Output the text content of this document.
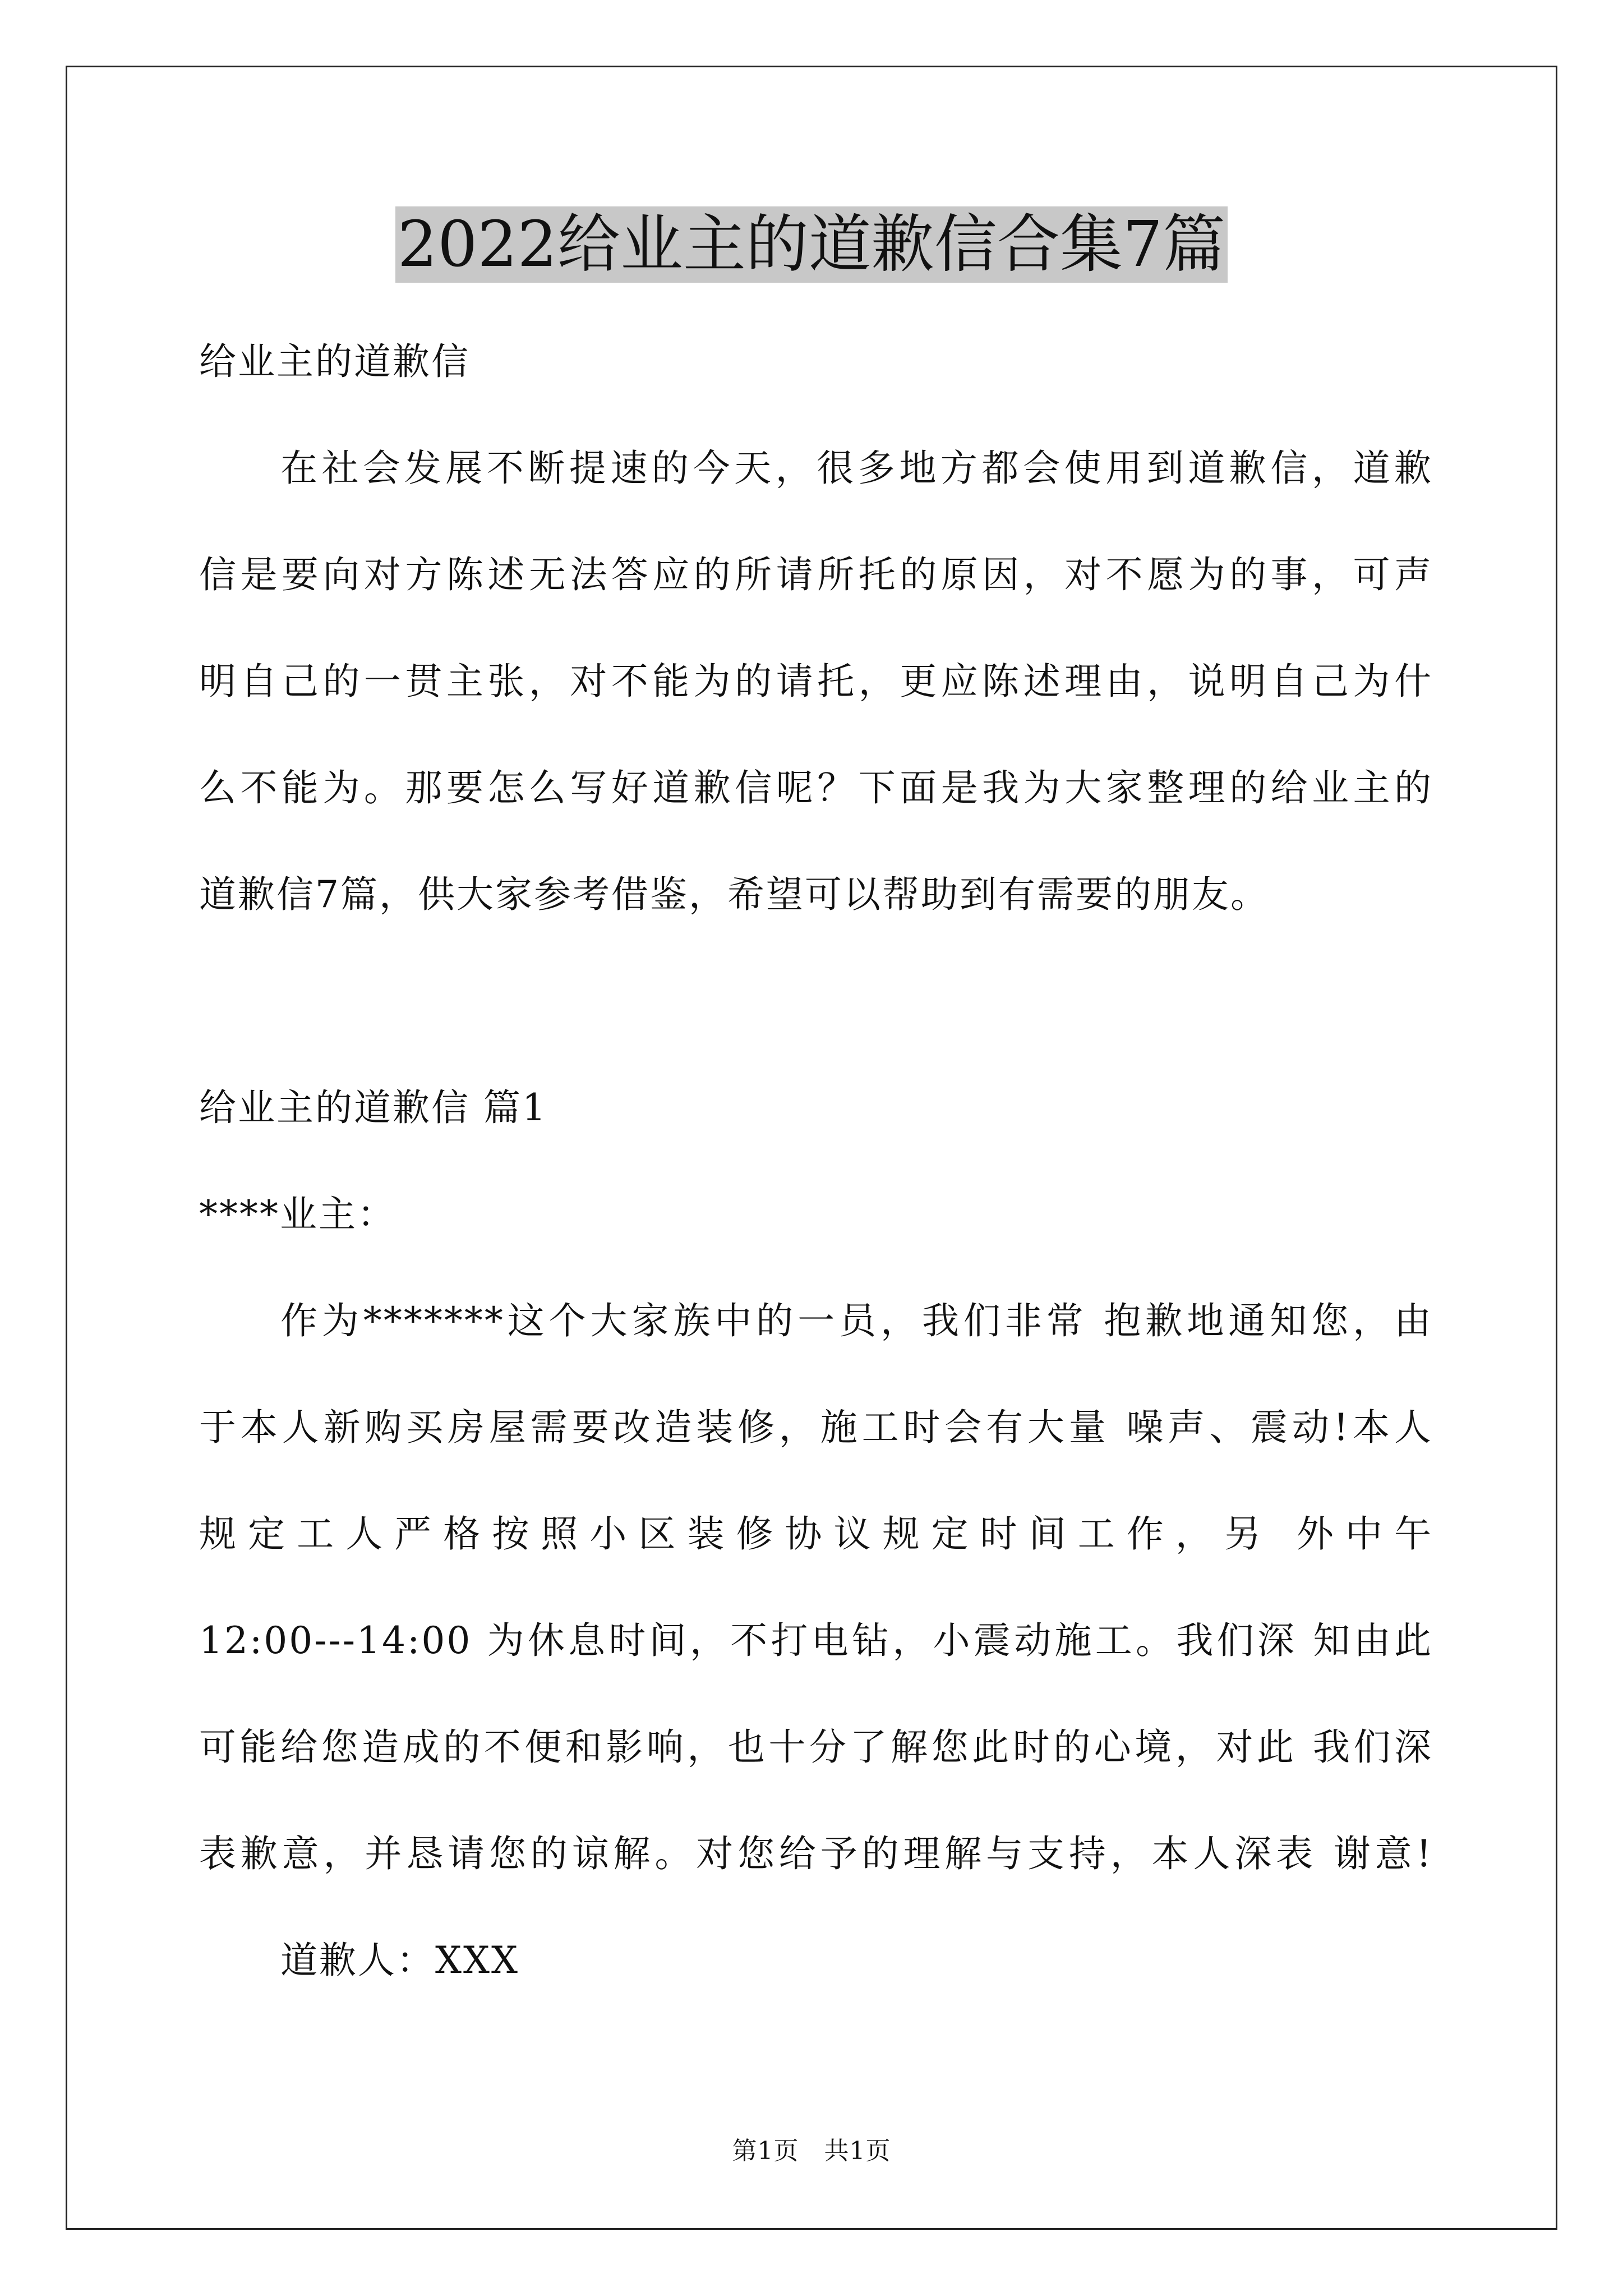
2022给业主的道歉信合集7篇
给业主的道歉信
在社会发展不断提速的今天，很多地方都会使用到道歉信，道歉
信是要向对方陈述无法答应的所请所托的原因，对不愿为的事，可声
明自己的一贯主张，对不能为的请托，更应陈述理由，说明自己为什
么不能为。那要怎么写好道歉信呢？下面是我为大家整理的给业主的
道歉信7篇，供大家参考借鉴，希望可以帮助到有需要的朋友。
给业主的道歉信 篇1
****业主：
作为*******这个大家族中的一员，我们非常 抱歉地通知您，由
于本人新购买房屋需要改造装修，施工时会有大量 噪声、震动!本人
规定工人严格按照小区装修协议规定时间工作，另 外中午
12:00---14:00 为休息时间，不打电钻，小震动施工。我们深 知由此
可能给您造成的不便和影响，也十分了解您此时的心境，对此 我们深
表歉意，并恳请您的谅解。对您给予的理解与支持，本人深表 谢意!
道歉人：XXX
第1页　共1页
